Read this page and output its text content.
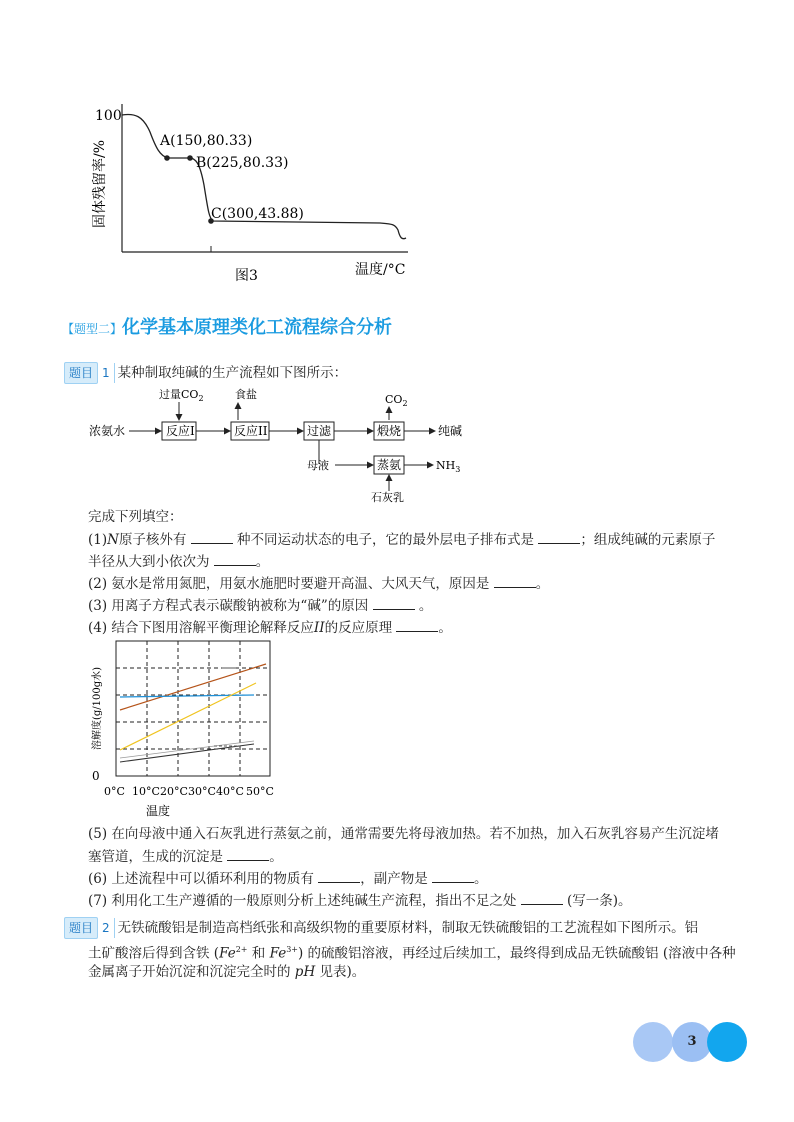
100
A(150,80.33)
B(225,80.33)
C(300,43.88)
图3	温度/°C
固体残留率/%
【题型二】化学基本原理类化工流程综合分析
题目 1 某种制取纯碱的生产流程如下图所示：
浓氨水	反应I
过量$CO_2$
反应II
食盐
过滤	煅烧
$CO_2$
纯碱
母液	蒸氨	$NH_3$
石灰乳
完成下列填空：
(1)N原子核外有	种不同运动状态的电子，它的最外层电子排布式是	；组成纯碱的元素原子
半径从大到小依次为	。
(2) 氨水是常用氮肥，用氨水施肥时要避开高温、大风天气，原因是	。
(3) 用离子方程式表示碳酸钠被称为“碱”的原因	。
(4) 结合下图用溶解平衡理论解释反应II的反应原理	。
0
溶解度(g/100g水)
0°C 10°C 20°C 30°C 40°C 50°C
温度
(5) 在向母液中通入石灰乳进行蒸氨之前，通常需要先将母液加热。若不加热，加入石灰乳容易产生沉淀堵
塞管道，生成的沉淀是	。
(6) 上述流程中可以循环利用的物质有	，副产物是	。
(7) 利用化工生产遵循的一般原则分析上述纯碱生产流程，指出不足之处	(写一条)。
题目 2 无铁硫酸铝是制造高档纸张和高级织物的重要原材料，制取无铁硫酸铝的工艺流程如下图所示。铝
土矿酸溶后得到含铁 ($Fe^{2+}$ 和 $Fe^{3+}$) 的硫酸铝溶液，再经过后续加工，最终得到成品无铁硫酸铝 (溶液中各种
金属离子开始沉淀和沉淀完全时的 pH 见表)。
3
